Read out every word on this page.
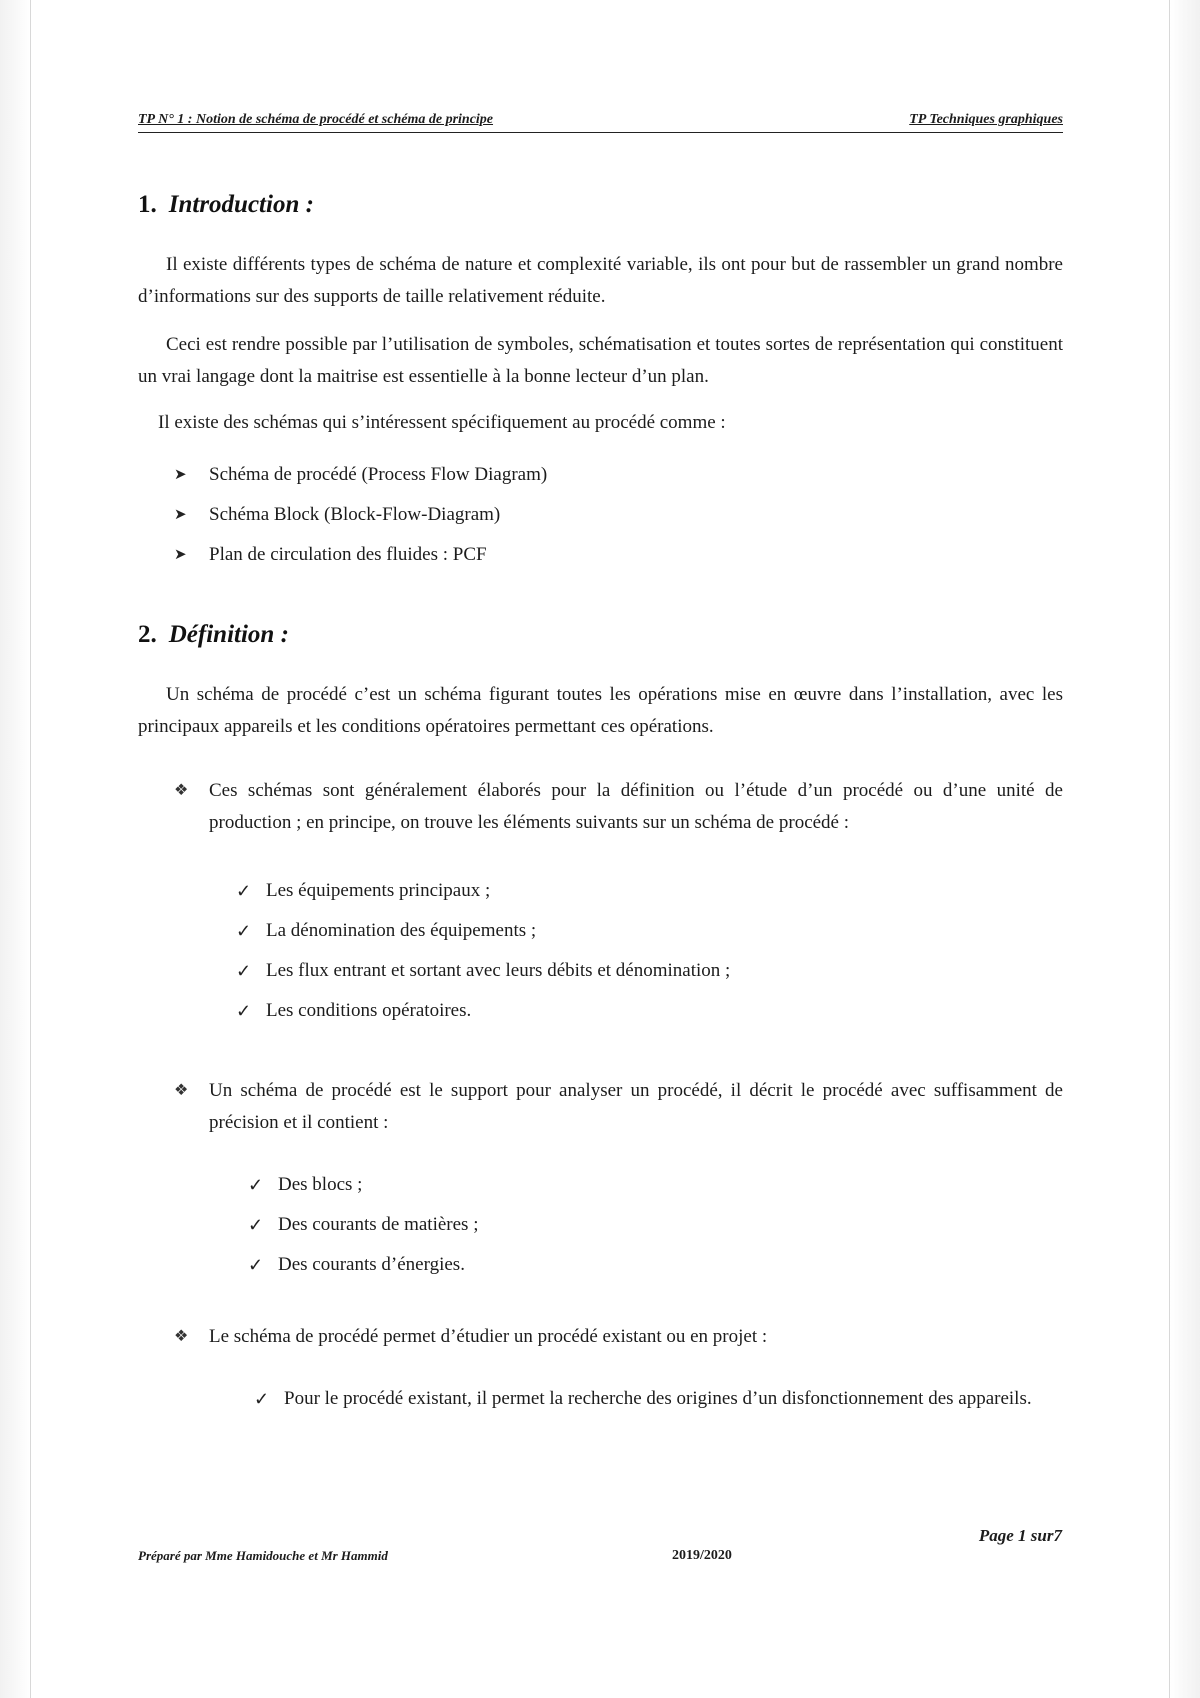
TP N° 1 : Notion de schéma de procédé et schéma de principe	TP Techniques graphiques
1. Introduction :

Il existe différents types de schéma de nature et complexité variable, ils ont pour but de rassembler un grand nombre d’informations sur des supports de taille relativement réduite.

Ceci est rendre possible par l’utilisation de symboles, schématisation et toutes sortes de représentation qui constituent un vrai langage dont la maitrise est essentielle à la bonne lecteur d’un plan.

Il existe des schémas qui s’intéressent spécifiquement au procédé comme :

➤	Schéma de procédé (Process Flow Diagram)
➤	Schéma Block (Block-Flow-Diagram)
➤	Plan de circulation des fluides : PCF
2. Définition :

Un schéma de procédé c’est un schéma figurant toutes les opérations mise en œuvre dans l’installation, avec les principaux appareils et les conditions opératoires permettant ces opérations.

❖	Ces schémas sont généralement élaborés pour la définition ou l’étude d’un procédé ou d’une unité de production ; en principe, on trouve les éléments suivants sur un schéma de procédé :
✓ Les équipements principaux ;
✓ La dénomination des équipements ;
✓ Les flux entrant et sortant avec leurs débits et dénomination ;
✓ Les conditions opératoires.
❖	Un schéma de procédé est le support pour analyser un procédé, il décrit le procédé avec suffisamment de précision et il contient :
✓ Des blocs ;
✓ Des courants de matières ;
✓ Des courants d’énergies.
❖	Le schéma de procédé permet d’étudier un procédé existant ou en projet :
✓ Pour le procédé existant, il permet la recherche des origines d’un disfonctionnement des appareils.
Page 1 sur7
Préparé par Mme Hamidouche et Mr Hammid	2019/2020
